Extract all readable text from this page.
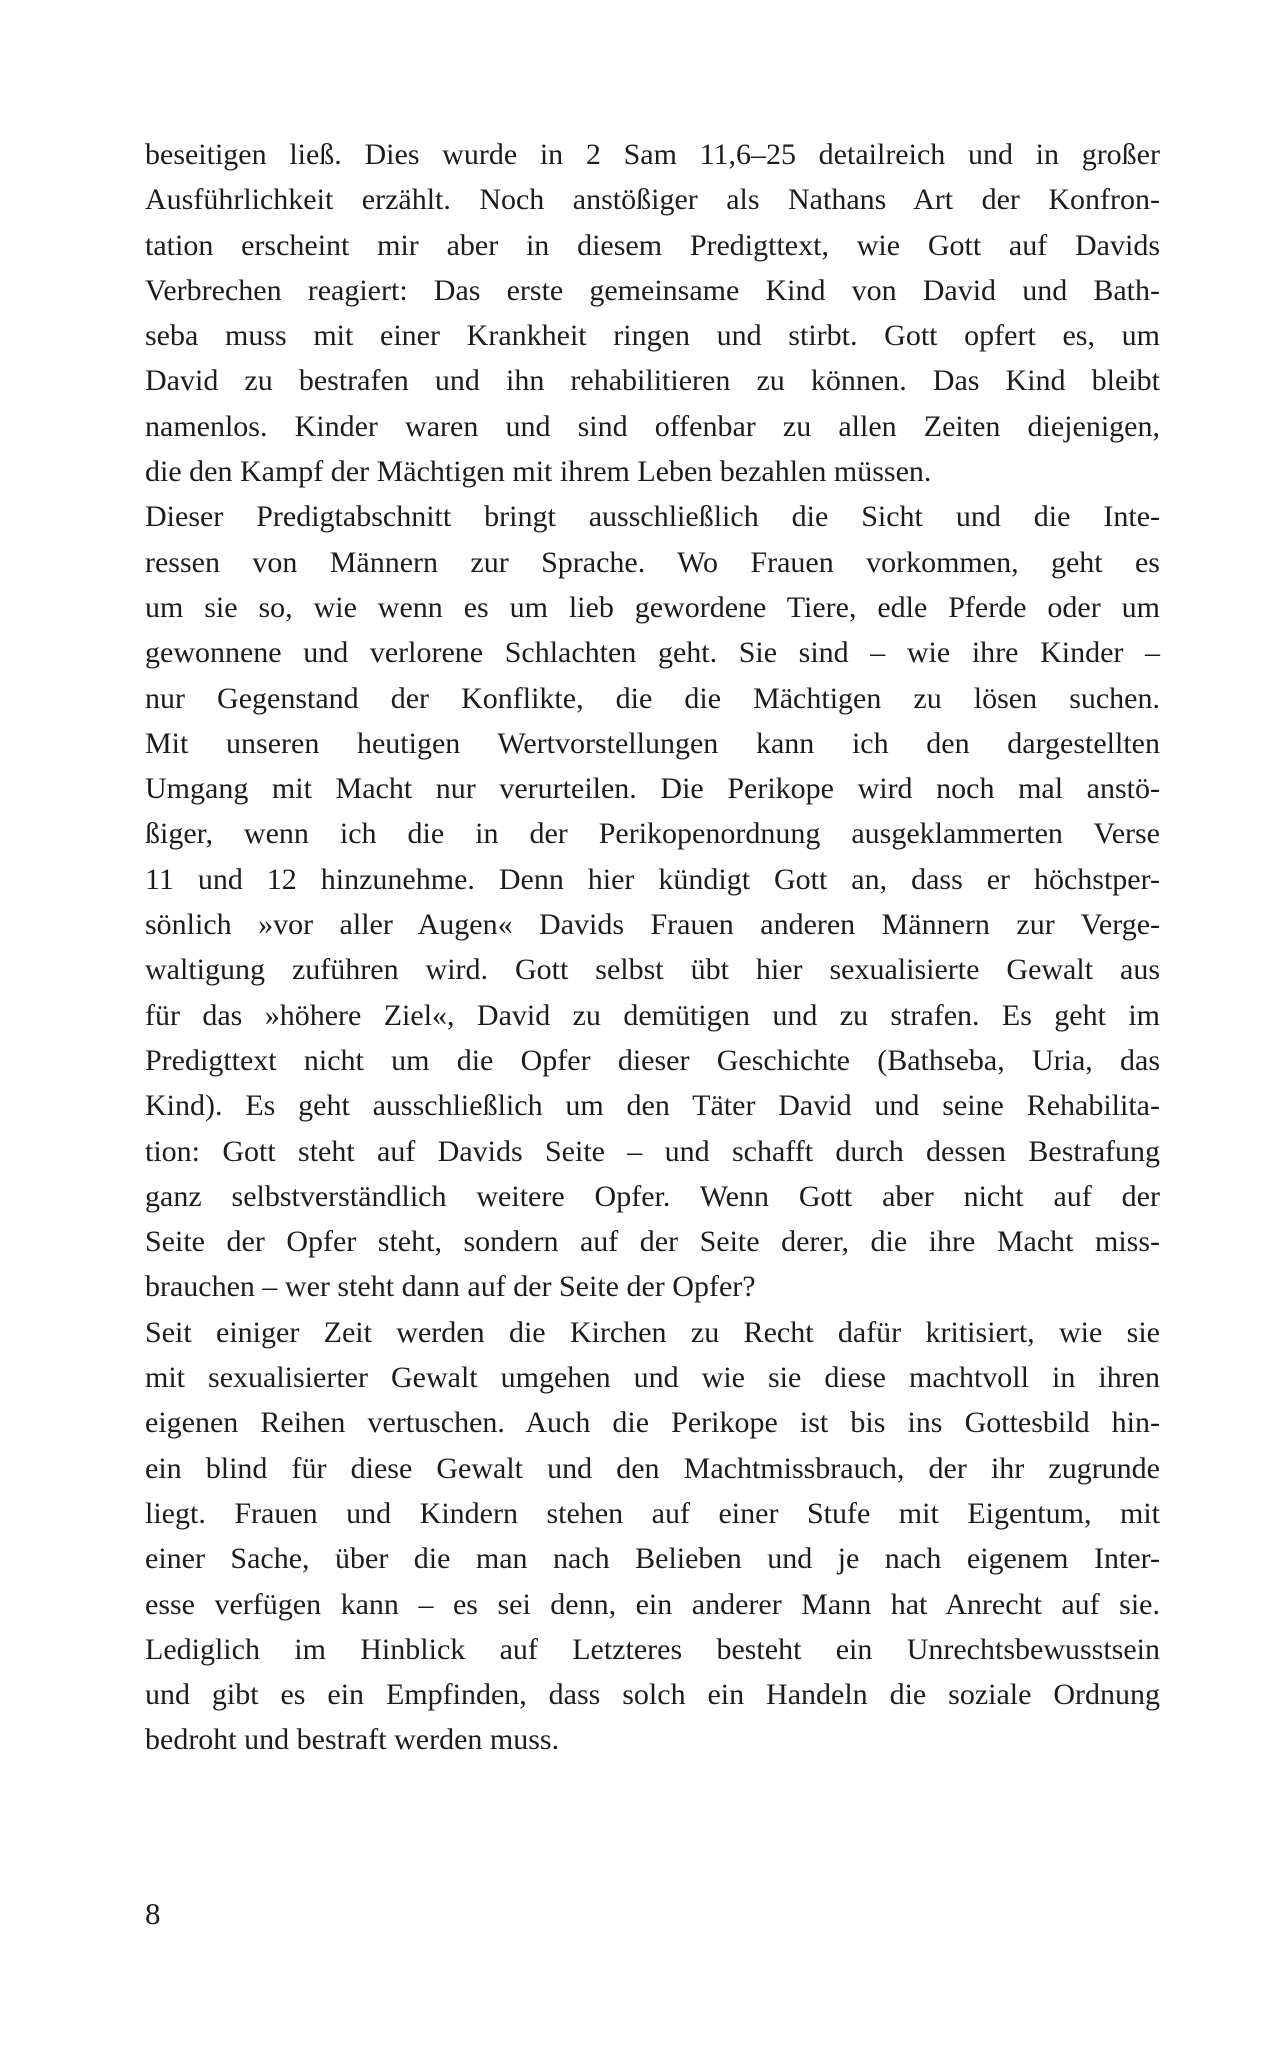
beseitigen ließ. Dies wurde in 2 Sam 11,6–25 detailreich und in großer
Ausführlichkeit erzählt. Noch anstößiger als Nathans Art der Konfron-
tation erscheint mir aber in diesem Predigttext, wie Gott auf Davids
Verbrechen reagiert: Das erste gemeinsame Kind von David und Bath-
seba muss mit einer Krankheit ringen und stirbt. Gott opfert es, um
David zu bestrafen und ihn rehabilitieren zu können. Das Kind bleibt
namenlos. Kinder waren und sind offenbar zu allen Zeiten diejenigen,
die den Kampf der Mächtigen mit ihrem Leben bezahlen müssen.
Dieser Predigtabschnitt bringt ausschließlich die Sicht und die Inte-
ressen von Männern zur Sprache. Wo Frauen vorkommen, geht es
um sie so, wie wenn es um lieb gewordene Tiere, edle Pferde oder um
gewonnene und verlorene Schlachten geht. Sie sind – wie ihre Kinder –
nur Gegenstand der Konflikte, die die Mächtigen zu lösen suchen.
Mit unseren heutigen Wertvorstellungen kann ich den dargestellten
Umgang mit Macht nur verurteilen. Die Perikope wird noch mal anstö-
ßiger, wenn ich die in der Perikopenordnung ausgeklammerten Verse
11 und 12 hinzunehme. Denn hier kündigt Gott an, dass er höchstper-
sönlich »vor aller Augen« Davids Frauen anderen Männern zur Verge-
waltigung zuführen wird. Gott selbst übt hier sexualisierte Gewalt aus
für das »höhere Ziel«, David zu demütigen und zu strafen. Es geht im
Predigttext nicht um die Opfer dieser Geschichte (Bathseba, Uria, das
Kind). Es geht ausschließlich um den Täter David und seine Rehabilita-
tion: Gott steht auf Davids Seite – und schafft durch dessen Bestrafung
ganz selbstverständlich weitere Opfer. Wenn Gott aber nicht auf der
Seite der Opfer steht, sondern auf der Seite derer, die ihre Macht miss-
brauchen – wer steht dann auf der Seite der Opfer?
Seit einiger Zeit werden die Kirchen zu Recht dafür kritisiert, wie sie
mit sexualisierter Gewalt umgehen und wie sie diese machtvoll in ihren
eigenen Reihen vertuschen. Auch die Perikope ist bis ins Gottesbild hin-
ein blind für diese Gewalt und den Machtmissbrauch, der ihr zugrunde
liegt. Frauen und Kindern stehen auf einer Stufe mit Eigentum, mit
einer Sache, über die man nach Belieben und je nach eigenem Inter-
esse verfügen kann – es sei denn, ein anderer Mann hat Anrecht auf sie.
Lediglich im Hinblick auf Letzteres besteht ein Unrechtsbewusstsein
und gibt es ein Empfinden, dass solch ein Handeln die soziale Ordnung
bedroht und bestraft werden muss.
8
